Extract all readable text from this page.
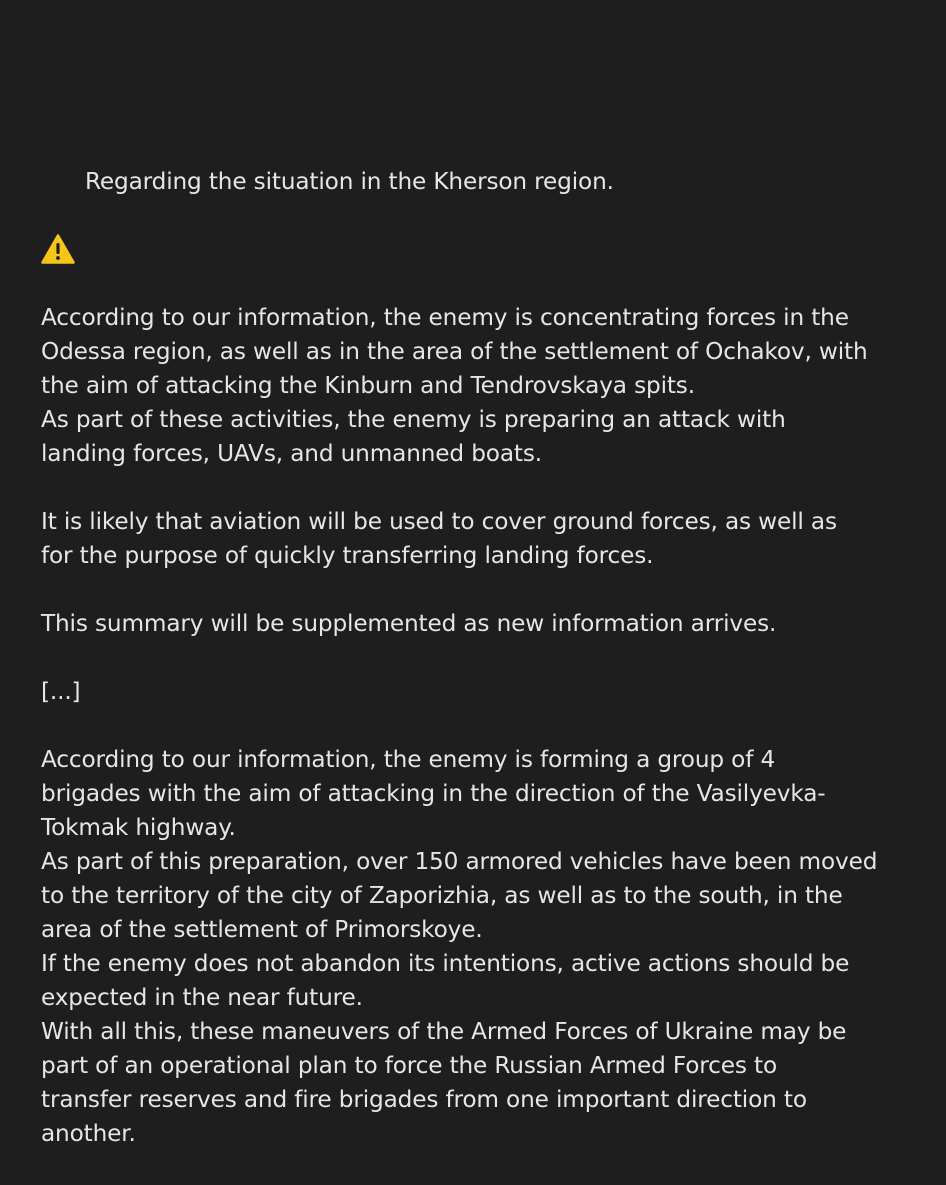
Regarding the situation in the Kherson region.

According to our information, the enemy is concentrating forces in the
Odessa region, as well as in the area of the settlement of Ochakov, with
the aim of attacking the Kinburn and Tendrovskaya spits.
As part of these activities, the enemy is preparing an attack with
landing forces, UAVs, and unmanned boats.
It is likely that aviation will be used to cover ground forces, as well as
for the purpose of quickly transferring landing forces.
This summary will be supplemented as new information arrives.
[...]
According to our information, the enemy is forming a group of 4
brigades with the aim of attacking in the direction of the Vasilyevka-
Tokmak highway.
As part of this preparation, over 150 armored vehicles have been moved
to the territory of the city of Zaporizhia, as well as to the south, in the
area of the settlement of Primorskoye.
If the enemy does not abandon its intentions, active actions should be
expected in the near future.
With all this, these maneuvers of the Armed Forces of Ukraine may be
part of an operational plan to force the Russian Armed Forces to
transfer reserves and fire brigades from one important direction to
another.
